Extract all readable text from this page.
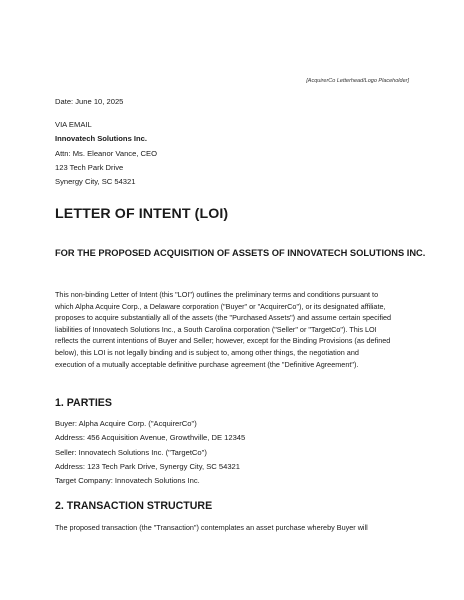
[AcquirerCo Letterhead/Logo Placeholder]
Date: June 10, 2025
VIA EMAIL
Innovatech Solutions Inc.
Attn: Ms. Eleanor Vance, CEO
123 Tech Park Drive
Synergy City, SC 54321
LETTER OF INTENT (LOI)
FOR THE PROPOSED ACQUISITION OF ASSETS OF INNOVATECH SOLUTIONS INC.
This non-binding Letter of Intent (this "LOI") outlines the preliminary terms and conditions pursuant to
which Alpha Acquire Corp., a Delaware corporation ("Buyer" or "AcquirerCo"), or its designated affiliate,
proposes to acquire substantially all of the assets (the "Purchased Assets") and assume certain specified
liabilities of Innovatech Solutions Inc., a South Carolina corporation ("Seller" or "TargetCo"). This LOI
reflects the current intentions of Buyer and Seller; however, except for the Binding Provisions (as defined
below), this LOI is not legally binding and is subject to, among other things, the negotiation and
execution of a mutually acceptable definitive purchase agreement (the "Definitive Agreement").
1. PARTIES
Buyer: Alpha Acquire Corp. ("AcquirerCo")
Address: 456 Acquisition Avenue, Growthville, DE 12345
Seller: Innovatech Solutions Inc. ("TargetCo")
Address: 123 Tech Park Drive, Synergy City, SC 54321
Target Company: Innovatech Solutions Inc.
2. TRANSACTION STRUCTURE
The proposed transaction (the "Transaction") contemplates an asset purchase whereby Buyer will
